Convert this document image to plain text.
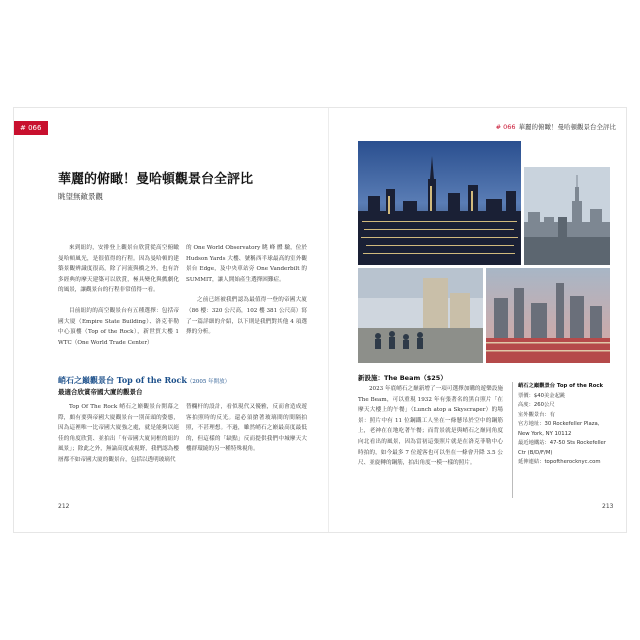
# 066
華麗的俯瞰！曼哈頓觀景台全評比
眺望無敵景觀

來到紐約，安排登上觀景台欣賞從高空俯瞰曼哈頓風光，是很值得的行程。因為曼哈頓的建築景觀辨識度很高，除了河流與橋之外，也有許多經典的摩天建築可以欣賞，極具變化與戲劇化的風景，讓觀景台的行程非常值得一看。

目前紐約的高空觀景台有五種選擇：包括帝國大廈（Empire State Building）、洛克菲勒中心頂樓（Top of the Rock），新世貿大樓 1 WTC（One World Trade Center）

的 One World Observatory 眺 峰 體 驗，位於 Hudson Yards 大樓、號稱西半球最高的室外觀景台 Edge，及中央車站旁 One Vanderbilt 的 SUMMIT，讓人開始產生選擇困難症。

之前已經被我們認為最值得一登的帝國大廈（86 樓：320 公尺高，102 樓 381 公尺高）寫了一篇詳細的介紹，以下則是我們對其他 4 項選擇的分析。

峭石之巔觀景台 Top of the Rock（2005 年開放）
最適合欣賞帝國大廈的觀景台

Top Of The Rock 峭石之巔觀景台開幕之際，頗有要與帝國大廈觀景台一別苗頭的姿態，因為這裡唯一比帝國大廈強之處，就是能夠以絕佳的角度欣賞、並拍出「有帝國大廈同框的紐約風景」；除此之外，無論高度或視野，我們認為樓層都不如帝國大廈的觀景台，包括以透明玻璃代

替欄杆的設計，看似現代又優雅，反而會造成遊客拍照時的反光。還必須搶著玻璃間的間隔拍照，不甚理想。不過，雖然峭石之巔最高度最低的，但這樣的「缺點」反而提供我們中城摩天大樓群環繞的另一種特殊視角。

212
# 066 華麗的俯瞰！曼哈頓觀景台全評比
新設施：The Beam（$25）

2023 年底峭石之巔新增了一項可選擇加購的遊樂設施 The Beam，可以重現 1932 年有張著名的黑白照片「在摩天大樓上的午餐」（Lunch atop a Skyscraper）的場景：照片中有 11 位鋼鐵工人坐在一條懸吊於空中的鋼筋上，老神在在地吃著午餐；而背景就是與峭石之巔同角度向北看出的風景，因為當初這張照片就是在洛克菲勒中心時拍的，如今最多 7 位遊客也可以坐在一條會升降 3.5 公尺、並旋轉的鋼筋，拍出角度一模一樣的照片。

峭石之巔觀景台 Top of the Rock
票價：$40美金起跳
高度：260公尺
室外觀景台：有
官方地址：30 Rockefeller Plaza,
New York, NY 10112
最近地鐵站：47-50 Sts Rockefeller
Ctr (B/D/F/M)
延伸連結：topoftherocknyc.com
213
